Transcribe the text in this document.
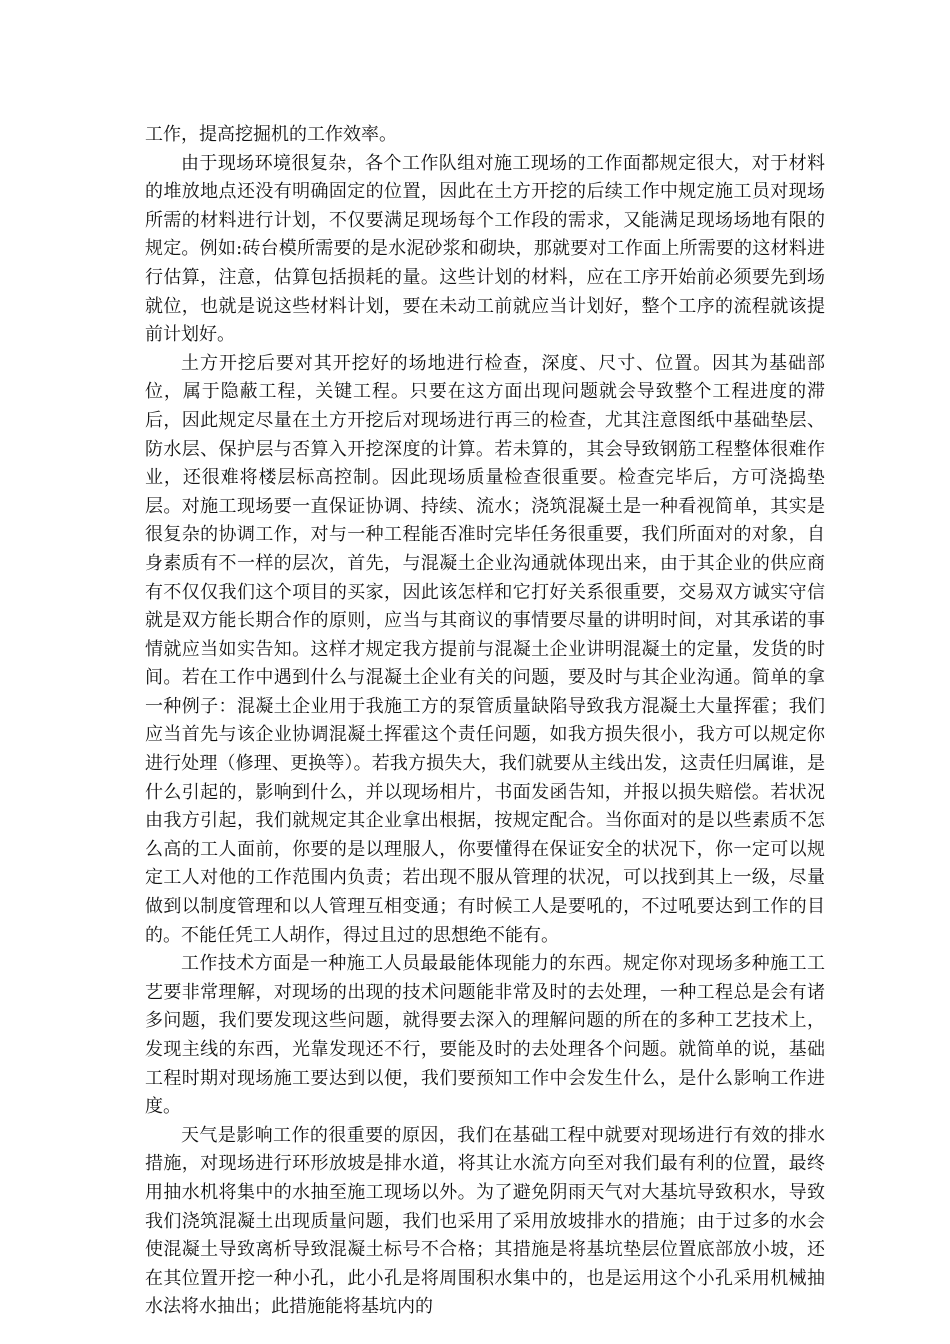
工作，提高挖掘机的工作效率。

由于现场环境很复杂，各个工作队组对施工现场的工作面都规定很大，对于材料的堆放地点还没有明确固定的位置，因此在土方开挖的后续工作中规定施工员对现场所需的材料进行计划，不仅要满足现场每个工作段的需求，又能满足现场场地有限的规定。例如:砖台模所需要的是水泥砂浆和砌块，那就要对工作面上所需要的这材料进行估算，注意，估算包括损耗的量。这些计划的材料，应在工序开始前必须要先到场就位，也就是说这些材料计划，要在未动工前就应当计划好，整个工序的流程就该提前计划好。

土方开挖后要对其开挖好的场地进行检查，深度、尺寸、位置。因其为基础部位，属于隐蔽工程，关键工程。只要在这方面出现问题就会导致整个工程进度的滞后，因此规定尽量在土方开挖后对现场进行再三的检查，尤其注意图纸中基础垫层、防水层、保护层与否算入开挖深度的计算。若未算的，其会导致钢筋工程整体很难作业，还很难将楼层标高控制。因此现场质量检查很重要。检查完毕后，方可浇捣垫层。对施工现场要一直保证协调、持续、流水；浇筑混凝土是一种看视简单，其实是很复杂的协调工作，对与一种工程能否准时完毕任务很重要，我们所面对的对象，自身素质有不一样的层次，首先，与混凝土企业沟通就体现出来，由于其企业的供应商有不仅仅我们这个项目的买家，因此该怎样和它打好关系很重要，交易双方诚实守信就是双方能长期合作的原则，应当与其商议的事情要尽量的讲明时间，对其承诺的事情就应当如实告知。这样才规定我方提前与混凝土企业讲明混凝土的定量，发货的时间。若在工作中遇到什么与混凝土企业有关的问题，要及时与其企业沟通。简单的拿一种例子：混凝土企业用于我施工方的泵管质量缺陷导致我方混凝土大量挥霍；我们应当首先与该企业协调混凝土挥霍这个责任问题，如我方损失很小，我方可以规定你进行处理（修理、更换等）。若我方损失大，我们就要从主线出发，这责任归属谁，是什么引起的，影响到什么，并以现场相片，书面发函告知，并报以损失赔偿。若状况由我方引起，我们就规定其企业拿出根据，按规定配合。当你面对的是以些素质不怎么高的工人面前，你要的是以理服人，你要懂得在保证安全的状况下，你一定可以规定工人对他的工作范围内负责；若出现不服从管理的状况，可以找到其上一级，尽量做到以制度管理和以人管理互相变通；有时候工人是要吼的，不过吼要达到工作的目的。不能任凭工人胡作，得过且过的思想绝不能有。

工作技术方面是一种施工人员最最能体现能力的东西。规定你对现场多种施工工艺要非常理解，对现场的出现的技术问题能非常及时的去处理，一种工程总是会有诸多问题，我们要发现这些问题，就得要去深入的理解问题的所在的多种工艺技术上，发现主线的东西，光靠发现还不行，要能及时的去处理各个问题。就简单的说，基础工程时期对现场施工要达到以便，我们要预知工作中会发生什么，是什么影响工作进度。

天气是影响工作的很重要的原因，我们在基础工程中就要对现场进行有效的排水措施，对现场进行环形放坡是排水道，将其让水流方向至对我们最有利的位置，最终用抽水机将集中的水抽至施工现场以外。为了避免阴雨天气对大基坑导致积水，导致我们浇筑混凝土出现质量问题，我们也采用了采用放坡排水的措施；由于过多的水会使混凝土导致离析导致混凝土标号不合格；其措施是将基坑垫层位置底部放小坡，还在其位置开挖一种小孔，此小孔是将周围积水集中的，也是运用这个小孔采用机械抽水法将水抽出；此措施能将基坑内的
